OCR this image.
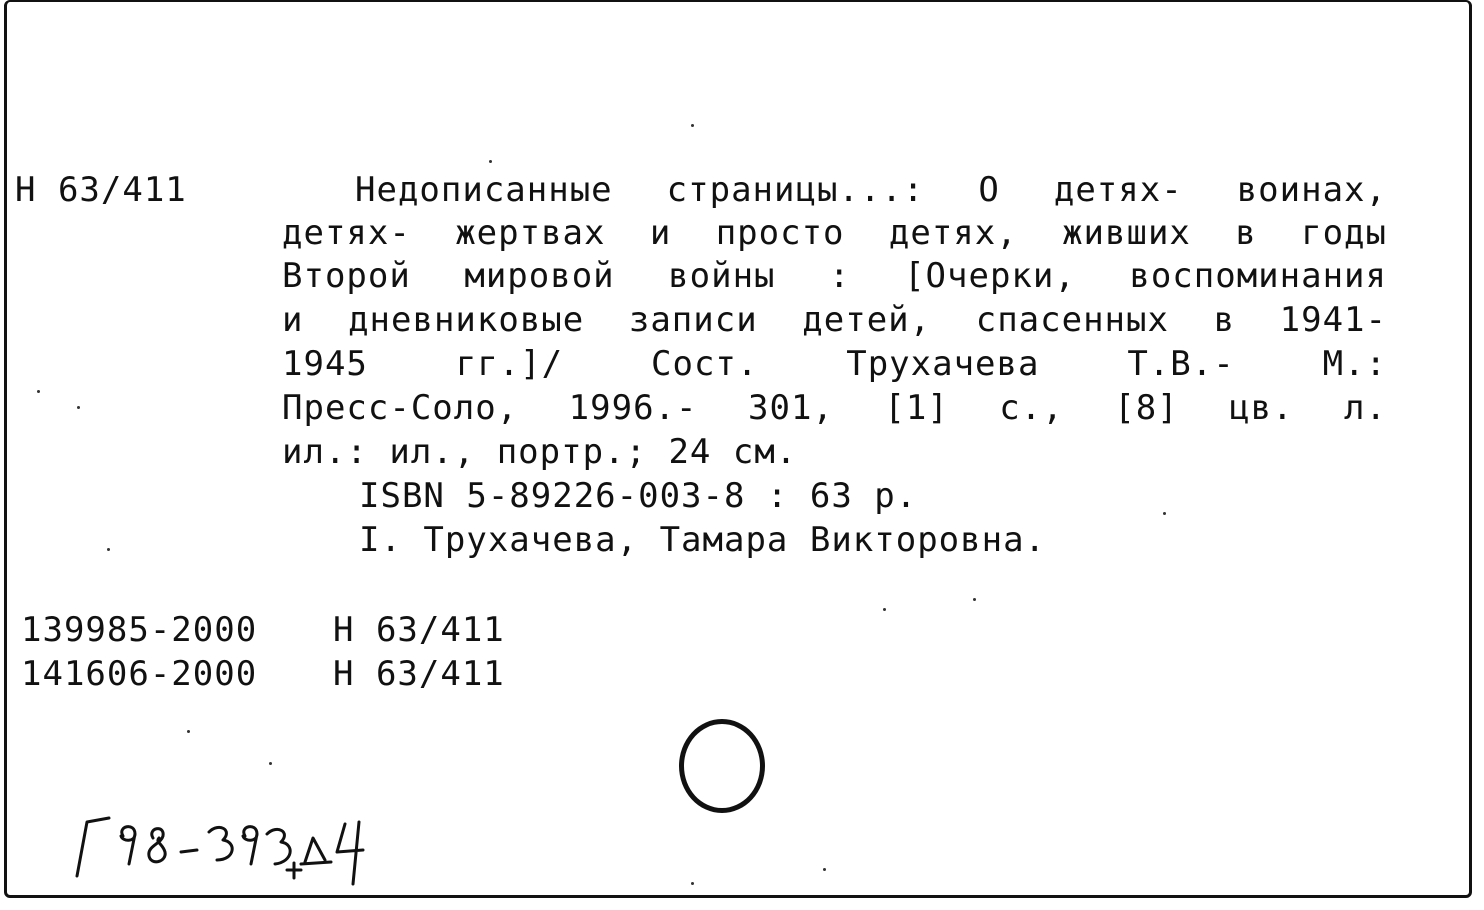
Н 63/411	Недописанные страницы...: О детях- воинах,
детях- жертвах и просто детях, живших в годы
Второй мировой войны : [Очерки, воспоминания
и дневниковые записи детей, спасенных в 1941-
1945 гг.]/ Сост. Трухачева Т.В.- М.:
Пресс-Соло, 1996.- 301, [1] с., [8] цв. л.
ил.: ил., портр.; 24 см.
ISBN 5-89226-003-8 : 63 р.
I. Трухачева, Тамара Викторовна.
139985-2000 Н 63/411
141606-2000 Н 63/411
